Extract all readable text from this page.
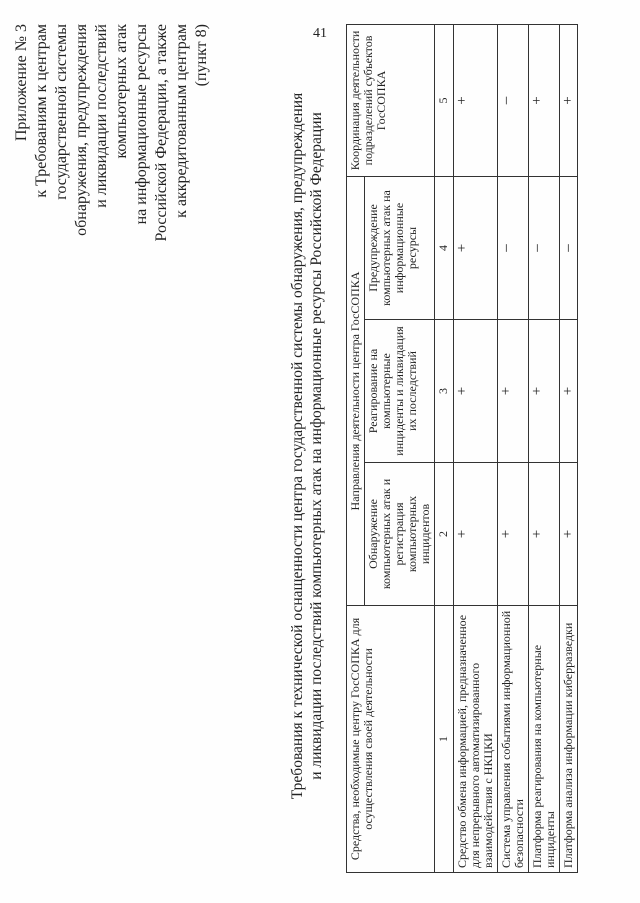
41
Приложение № 3 к Требованиям к центрам государственной системы обнаружения, предупреждения и ликвидации последствий компьютерных атак на информационные ресурсы Российской Федерации, а также к аккредитованным центрам (пункт 8)
Требования к технической оснащенности центра государственной системы обнаружения, предупреждения и ликвидации последствий компьютерных атак на информационные ресурсы Российской Федерации Средства, необходимые центру ГосСОПКА для осуществления своей деятельности	Направления деятельности центра ГосСОПКА			Координация деятельности подразделений субъектов ГосСОПКА
	Обнаружение компьютерных атак и регистрация компьютерных инцидентов	Реагирование на компьютерные инциденты и ликвидация их последствий	Предупреждение компьютерных атак на информационные ресурсы	
1	2	3	4	5
Средство обмена информацией, предназначенное для непрерывного автоматизированного взаимодействия с НКЦКИ	+	+	+	+
Система управления событиями информационной безопасности	+	+	–	–
Платформа реагирования на компьютерные инциденты	+	+	–	+
Платформа анализа информации киберразведки	+	+	–	+
